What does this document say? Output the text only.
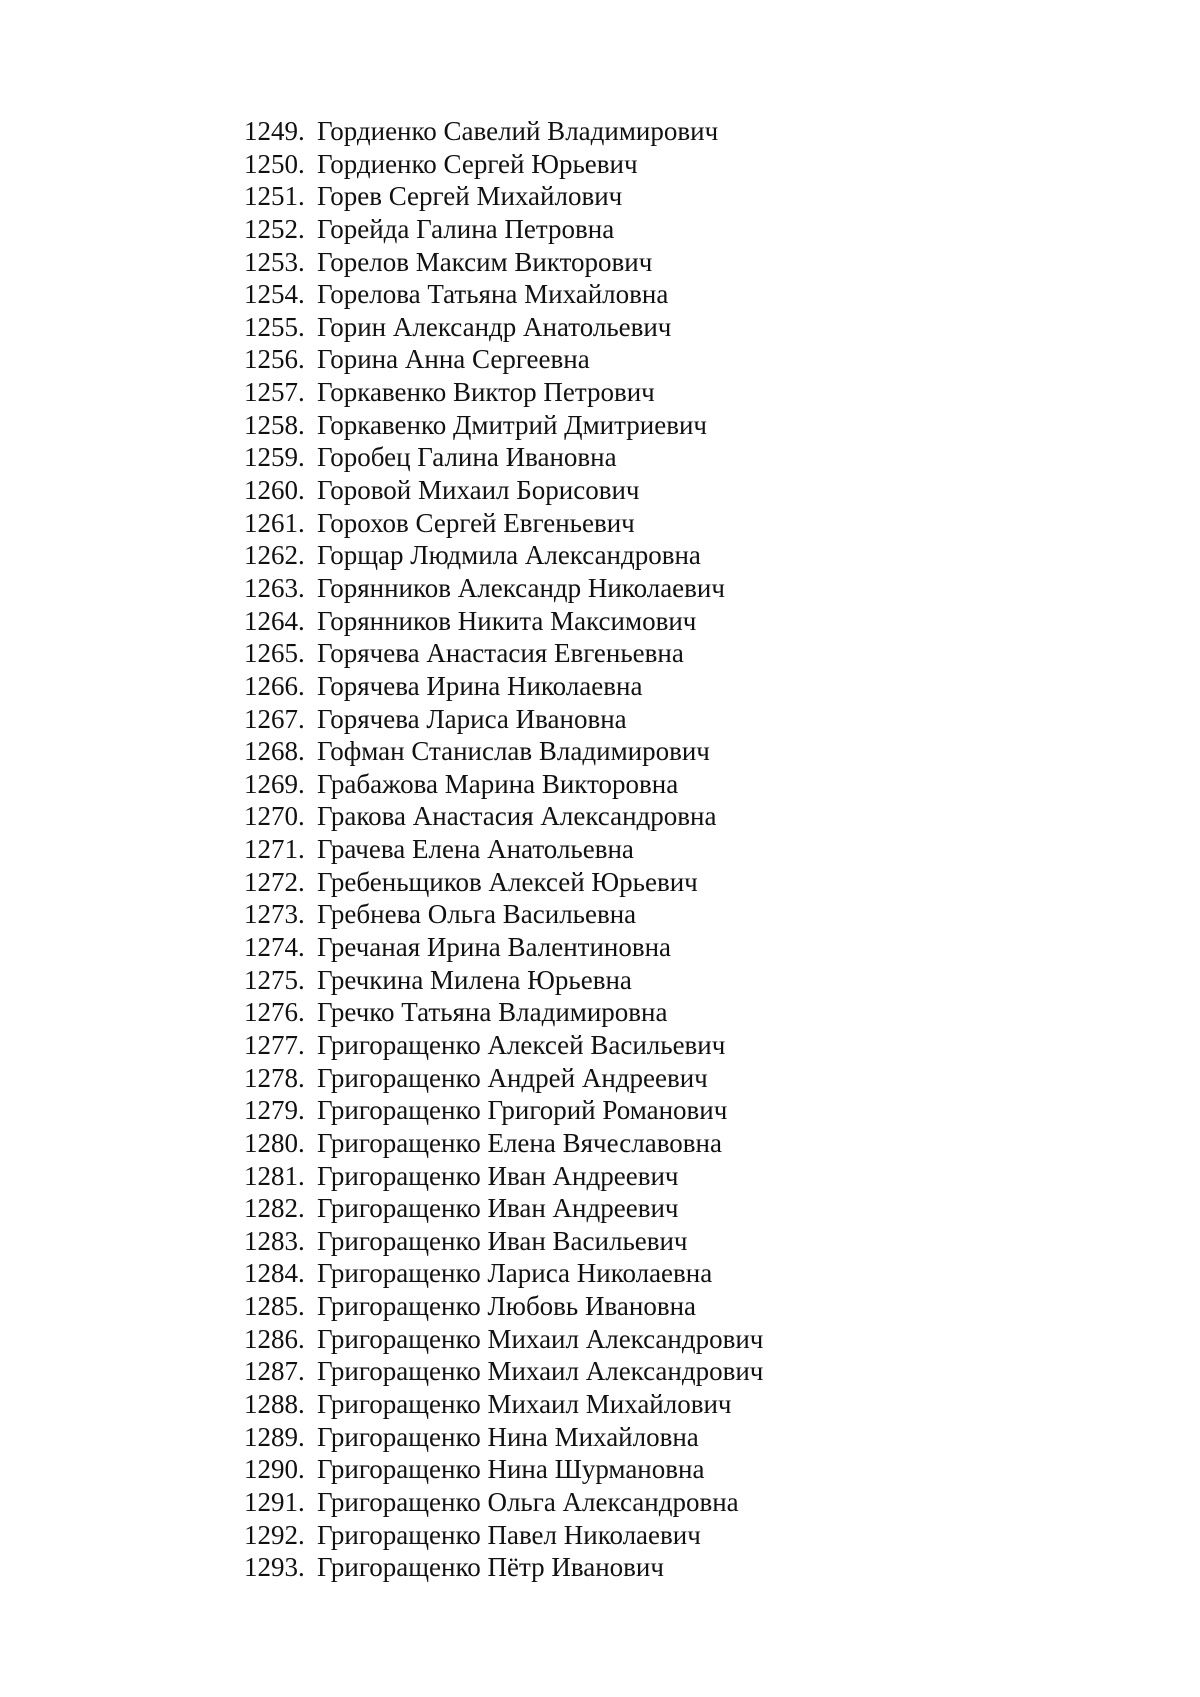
1249. Гордиенко Савелий Владимирович
1250. Гордиенко Сергей Юрьевич
1251. Горев Сергей Михайлович
1252. Горейда Галина Петровна
1253. Горелов Максим Викторович
1254. Горелова Татьяна Михайловна
1255. Горин Александр Анатольевич
1256. Горина Анна Сергеевна
1257. Горкавенко Виктор Петрович
1258. Горкавенко Дмитрий Дмитриевич
1259. Горобец Галина Ивановна
1260. Горовой Михаил Борисович
1261. Горохов Сергей Евгеньевич
1262. Горщар Людмила Александровна
1263. Горянников Александр Николаевич
1264. Горянников Никита Максимович
1265. Горячева Анастасия Евгеньевна
1266. Горячева Ирина Николаевна
1267. Горячева Лариса Ивановна
1268. Гофман Станислав Владимирович
1269. Грабажова Марина Викторовна
1270. Гракова Анастасия Александровна
1271. Грачева Елена Анатольевна
1272. Гребеньщиков Алексей Юрьевич
1273. Гребнева Ольга Васильевна
1274. Гречаная Ирина Валентиновна
1275. Гречкина Милена Юрьевна
1276. Гречко Татьяна Владимировна
1277. Григоращенко Алексей Васильевич
1278. Григоращенко Андрей Андреевич
1279. Григоращенко Григорий Романович
1280. Григоращенко Елена Вячеславовна
1281. Григоращенко Иван Андреевич
1282. Григоращенко Иван Андреевич
1283. Григоращенко Иван Васильевич
1284. Григоращенко Лариса Николаевна
1285. Григоращенко Любовь Ивановна
1286. Григоращенко Михаил Александрович
1287. Григоращенко Михаил Александрович
1288. Григоращенко Михаил Михайлович
1289. Григоращенко Нина Михайловна
1290. Григоращенко Нина Шурмановна
1291. Григоращенко Ольга Александровна
1292. Григоращенко Павел Николаевич
1293. Григоращенко Пётр Иванович
